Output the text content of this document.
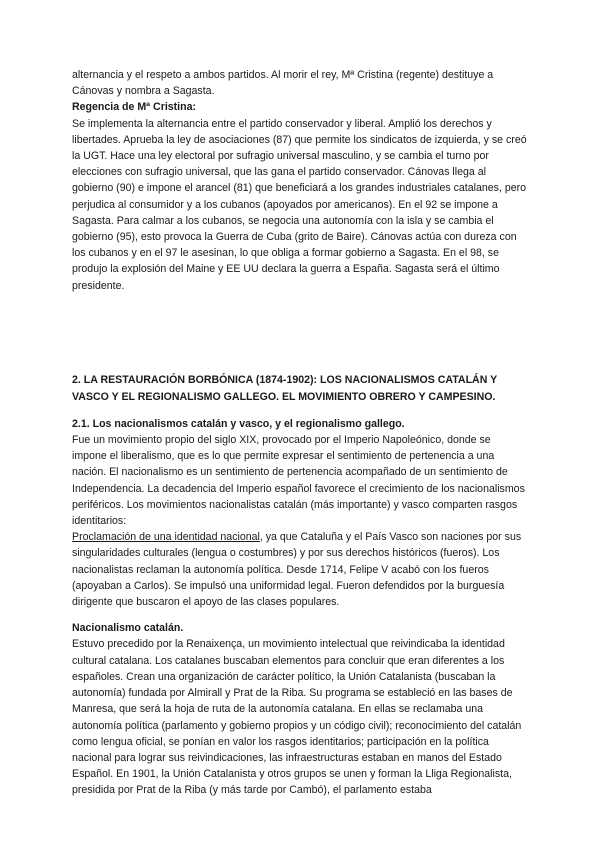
alternancia y el respeto a ambos partidos. Al morir el rey, Mª Cristina (regente) destituye a Cánovas y nombra a Sagasta.

Regencia de Mª Cristina:

Se implementa la alternancia entre el partido conservador y liberal. Amplió los derechos y libertades. Aprueba la ley de asociaciones (87) que permite los sindicatos de izquierda, y se creó la UGT. Hace una ley electoral por sufragio universal masculino, y se cambia el turno por elecciones con sufragio universal, que las gana el partido conservador. Cánovas llega al gobierno (90) e impone el arancel (81) que beneficiará a los grandes industriales catalanes, pero perjudica al consumidor y a los cubanos (apoyados por americanos). En el 92 se impone a Sagasta. Para calmar a los cubanos, se negocia una autonomía con la isla y se cambia el gobierno (95), esto provoca la Guerra de Cuba (grito de Baire). Cánovas actúa con dureza con los cubanos y en el 97 le asesinan, lo que obliga a formar gobierno a Sagasta. En el 98, se produjo la explosión del Maine y EE UU declara la guerra a España. Sagasta será el último presidente.

2. LA RESTAURACIÓN BORBÓNICA (1874-1902): LOS NACIONALISMOS CATALÁN Y VASCO Y EL REGIONALISMO GALLEGO. EL MOVIMIENTO OBRERO Y CAMPESINO.

2.1. Los nacionalismos catalán y vasco, y el regionalismo gallego.

Fue un movimiento propio del siglo XIX, provocado por el Imperio Napoleónico, donde se impone el liberalismo, que es lo que permite expresar el sentimiento de pertenencia a una nación. El nacionalismo es un sentimiento de pertenencia acompañado de un sentimiento de Independencia. La decadencia del Imperio español favorece el crecimiento de los nacionalismos periféricos. Los movimientos nacionalistas catalán (más importante) y vasco comparten rasgos identitarios:

Proclamación de una identidad nacional, ya que Cataluña y el País Vasco son naciones por sus singularidades culturales (lengua o costumbres) y por sus derechos históricos (fueros). Los nacionalistas reclaman la autonomía política. Desde 1714, Felipe V acabó con los fueros (apoyaban a Carlos). Se impulsó una uniformidad legal. Fueron defendidos por la burguesía dirigente que buscaron el apoyo de las clases populares.

Nacionalismo catalán.

Estuvo precedido por la Renaixença, un movimiento intelectual que reivindicaba la identidad cultural catalana. Los catalanes buscaban elementos para concluir que eran diferentes a los españoles. Crean una organización de carácter político, la Unión Catalanista (buscaban la autonomía) fundada por Almirall y Prat de la Riba. Su programa se estableció en las bases de Manresa, que será la hoja de ruta de la autonomía catalana. En ellas se reclamaba una autonomía política (parlamento y gobierno propios y un código civil); reconocimiento del catalán como lengua oficial, se ponían en valor los rasgos identitarios; participación en la política nacional para lograr sus reivindicaciones, las infraestructuras estaban en manos del Estado Español. En 1901, la Unión Catalanista y otros grupos se unen y forman la Lliga Regionalista, presidida por Prat de la Riba (y más tarde por Cambó), el parlamento estaba
